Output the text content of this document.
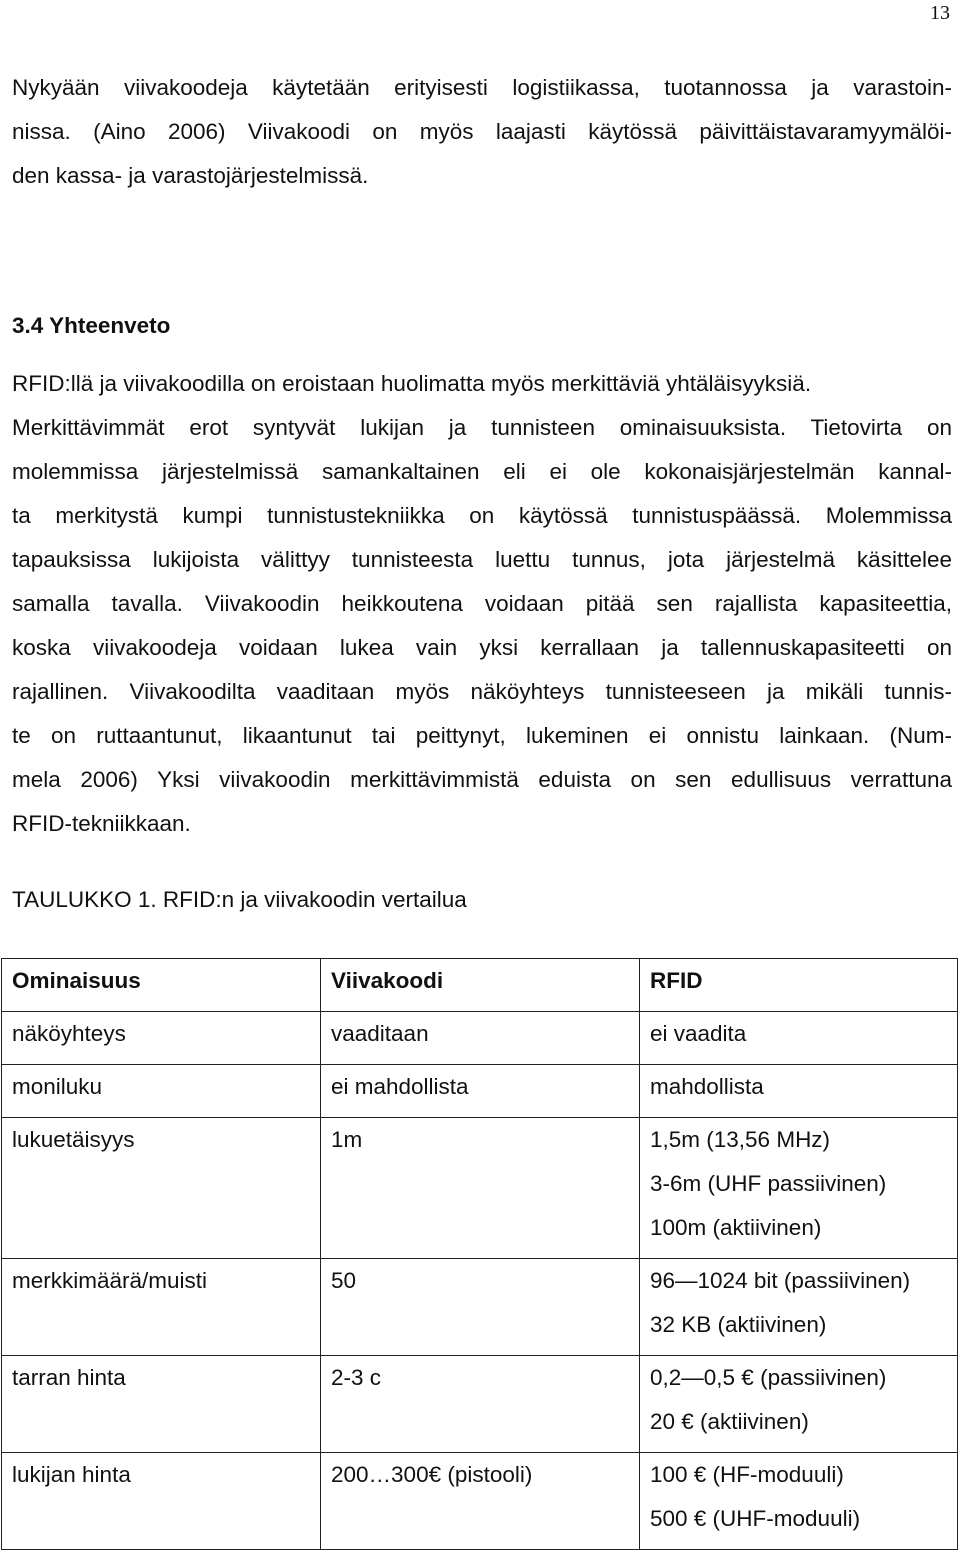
13
Nykyään viivakoodeja käytetään erityisesti logistiikassa, tuotannossa ja varastoin-
nissa. (Aino 2006) Viivakoodi on myös laajasti käytössä päivittäistavaramyymälöi-
den kassa- ja varastojärjestelmissä.
3.4 Yhteenveto
RFID:llä ja viivakoodilla on eroistaan huolimatta myös merkittäviä yhtäläisyyksiä.
Merkittävimmät erot syntyvät lukijan ja tunnisteen ominaisuuksista. Tietovirta on
molemmissa järjestelmissä samankaltainen eli ei ole kokonaisjärjestelmän kannal-
ta merkitystä kumpi tunnistustekniikka on käytössä tunnistuspäässä. Molemmissa
tapauksissa lukijoista välittyy tunnisteesta luettu tunnus, jota järjestelmä käsittelee
samalla tavalla. Viivakoodin heikkoutena voidaan pitää sen rajallista kapasiteettia,
koska viivakoodeja voidaan lukea vain yksi kerrallaan ja tallennuskapasiteetti on
rajallinen. Viivakoodilta vaaditaan myös näköyhteys tunnisteeseen ja mikäli tunnis-
te on ruttaantunut, likaantunut tai peittynyt, lukeminen ei onnistu lainkaan. (Num-
mela 2006) Yksi viivakoodin merkittävimmistä eduista on sen edullisuus verrattuna
RFID-tekniikkaan.
TAULUKKO 1. RFID:n ja viivakoodin vertailua
Ominaisuus	Viivakoodi	RFID

näköyhteys	vaaditaan	ei vaadita

moniluku	ei mahdollista	mahdollista

lukuetäisyys	1m	1,5m (13,56 MHz)
3-6m (UHF passiivinen)
100m (aktiivinen)

merkkimäärä/muisti	50	96—1024 bit (passiivinen)
32 KB (aktiivinen)

tarran hinta	2-3 c	0,2—0,5 € (passiivinen)
20 € (aktiivinen)

lukijan hinta	200…300€ (pistooli)	100 € (HF-moduuli)
500 € (UHF-moduuli)
